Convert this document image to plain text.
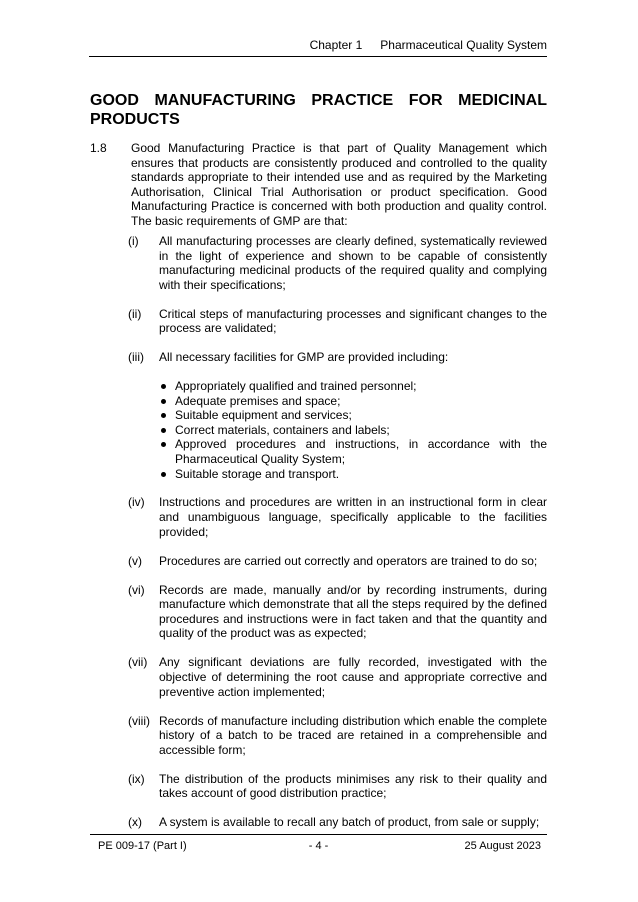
Chapter 1 Pharmaceutical Quality System
GOOD MANUFACTURING PRACTICE FOR MEDICINAL
PRODUCTS
1.8 Good Manufacturing Practice is that part of Quality Management which ensures that products are consistently produced and controlled to the quality standards appropriate to their intended use and as required by the Marketing Authorisation, Clinical Trial Authorisation or product specification. Good Manufacturing Practice is concerned with both production and quality control. The basic requirements of GMP are that:
(i) All manufacturing processes are clearly defined, systematically reviewed in the light of experience and shown to be capable of consistently manufacturing medicinal products of the required quality and complying with their specifications;
(ii) Critical steps of manufacturing processes and significant changes to the process are validated;
(iii) All necessary facilities for GMP are provided including:
Appropriately qualified and trained personnel;
Adequate premises and space;
Suitable equipment and services;
Correct materials, containers and labels;
Approved procedures and instructions, in accordance with the Pharmaceutical Quality System;
Suitable storage and transport.
(iv) Instructions and procedures are written in an instructional form in clear and unambiguous language, specifically applicable to the facilities provided;
(v) Procedures are carried out correctly and operators are trained to do so;
(vi) Records are made, manually and/or by recording instruments, during manufacture which demonstrate that all the steps required by the defined procedures and instructions were in fact taken and that the quantity and quality of the product was as expected;
(vii) Any significant deviations are fully recorded, investigated with the objective of determining the root cause and appropriate corrective and preventive action implemented;
(viii) Records of manufacture including distribution which enable the complete history of a batch to be traced are retained in a comprehensible and accessible form;
(ix) The distribution of the products minimises any risk to their quality and takes account of good distribution practice;
(x) A system is available to recall any batch of product, from sale or supply;
PE 009-17 (Part I)	- 4 -	25 August 2023
